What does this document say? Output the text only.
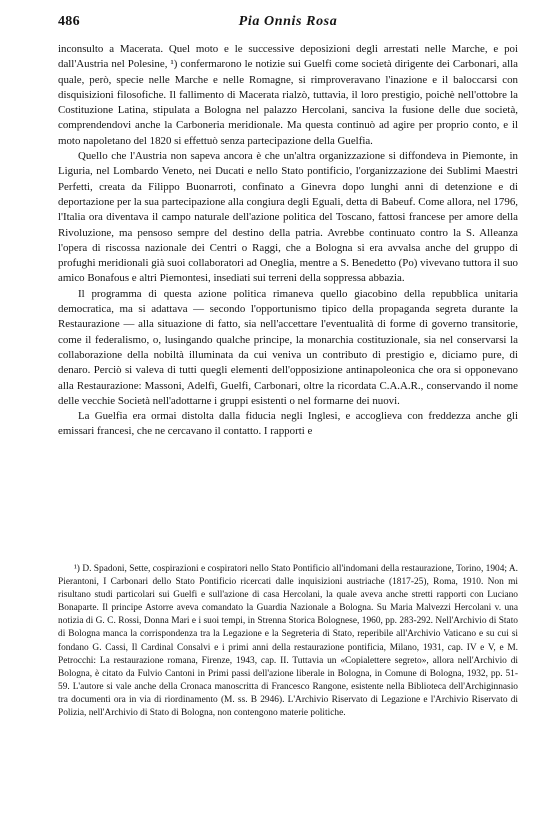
486	Pia Onnis Rosa

inconsulto a Macerata. Quel moto e le successive deposizioni degli arrestati nelle Marche, e poi dall'Austria nel Polesine, ¹) confermarono le notizie sui Guelfi come società dirigente dei Carbonari, alla quale, però, specie nelle Marche e nelle Romagne, si rimproveravano l'inazione e il baloccarsi con disquisizioni filosofiche. Il fallimento di Macerata rialzò, tuttavia, il loro prestigio, poichè nell'ottobre la Costituzione Latina, stipulata a Bologna nel palazzo Hercolani, sanciva la fusione delle due società, comprendendovi anche la Carboneria meridionale. Ma questa continuò ad agire per proprio conto, e il moto napoletano del 1820 si effettuò senza partecipazione della Guelfia.

Quello che l'Austria non sapeva ancora è che un'altra organizzazione si diffondeva in Piemonte, in Liguria, nel Lombardo Veneto, nei Ducati e nello Stato pontificio, l'organizzazione dei Sublimi Maestri Perfetti, creata da Filippo Buonarroti, confinato a Ginevra dopo lunghi anni di detenzione e di deportazione per la sua partecipazione alla congiura degli Eguali, detta di Babeuf. Come allora, nel 1796, l'Italia ora diventava il campo naturale dell'azione politica del Toscano, fattosi francese per amore della Rivoluzione, ma pensoso sempre del destino della patria. Avrebbe continuato contro la S. Alleanza l'opera di riscossa nazionale dei Centri o Raggi, che a Bologna si era avvalsa anche del gruppo di profughi meridionali già suoi collaboratori ad Oneglia, mentre a S. Benedetto (Po) vivevano tuttora il suo amico Bonafous e altri Piemontesi, insediati sui terreni della soppressa abbazia.

Il programma di questa azione politica rimaneva quello giacobino della repubblica unitaria democratica, ma si adattava — secondo l'opportunismo tipico della propaganda segreta durante la Restaurazione — alla situazione di fatto, sia nell'accettare l'eventualità di forme di governo transitorie, come il federalismo, o, lusingando qualche principe, la monarchia costituzionale, sia nel conservarsi la collaborazione della nobiltà illuminata da cui veniva un contributo di prestigio e, diciamo pure, di denaro. Perciò si valeva di tutti quegli elementi dell'opposizione antinapoleonica che ora si opponevano alla Restaurazione: Massoni, Adelfi, Guelfi, Carbonari, oltre la ricordata C.A.A.R., conservando il nome delle vecchie Società nell'adottarne i gruppi esistenti o nel formarne dei nuovi.

La Guelfia era ormai distolta dalla fiducia negli Inglesi, e accoglieva con freddezza anche gli emissari francesi, che ne cercavano il contatto. I rapporti e

¹) D. Spadoni, Sette, cospirazioni e cospiratori nello Stato Pontificio all'indomani della restaurazione, Torino, 1904; A. Pierantoni, I Carbonari dello Stato Pontificio ricercati dalle inquisizioni austriache (1817-25), Roma, 1910. Non mi risultano studi particolari sui Guelfi e sull'azione di casa Hercolani, la quale aveva anche stretti rapporti con Luciano Bonaparte. Il principe Astorre aveva comandato la Guardia Nazionale a Bologna. Su Maria Malvezzi Hercolani v. una notizia di G. C. Rossi, Donna Mari e i suoi tempi, in Strenna Storica Bolognese, 1960, pp. 283-292. Nell'Archivio di Stato di Bologna manca la corrispondenza tra la Legazione e la Segreteria di Stato, reperibile all'Archivio Vaticano e su cui si fondano G. Cassi, Il Cardinal Consalvi e i primi anni della restaurazione pontificia, Milano, 1931, cap. IV e V, e M. Petrocchi: La restaurazione romana, Firenze, 1943, cap. II. Tuttavia un «Copialettere segreto», allora nell'Archivio di Bologna, è citato da Fulvio Cantoni in Primi passi dell'azione liberale in Bologna, in Comune di Bologna, 1932, pp. 51-59. L'autore si vale anche della Cronaca manoscritta di Francesco Rangone, esistente nella Biblioteca dell'Archiginnasio tra documenti ora in via di riordinamento (M. ss. B 2946). L'Archivio Riservato di Legazione e l'Archivio Riservato di Polizia, nell'Archivio di Stato di Bologna, non contengono materie politiche.
